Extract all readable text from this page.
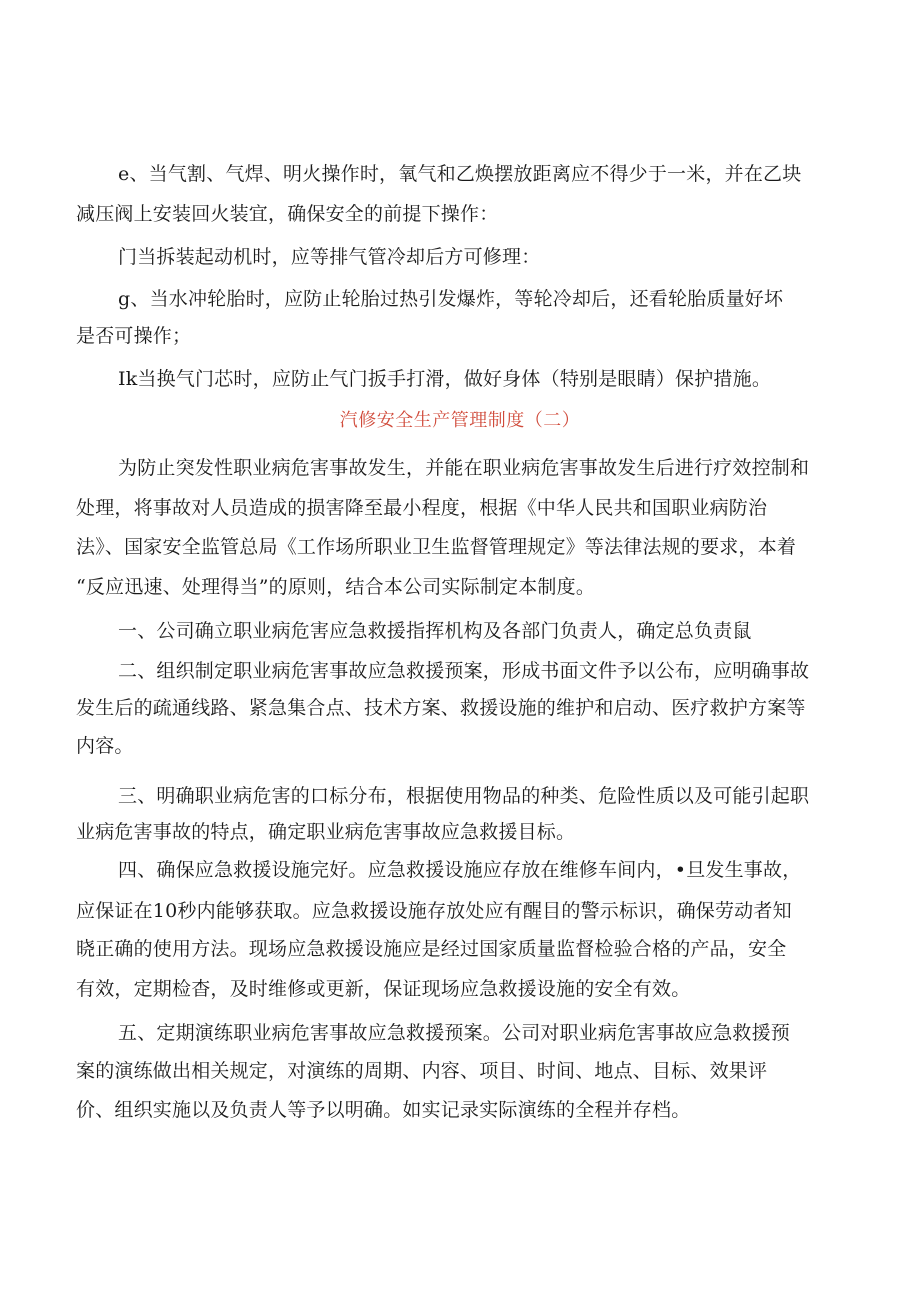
e、当气割、气焊、明火操作时，氧气和乙焕摆放距离应不得少于一米，并在乙块
减压阀上安装回火装宜，确保安全的前提下操作：
门当拆装起动机时，应等排气管冷却后方可修理：
g、当水冲轮胎时，应防止轮胎过热引发爆炸，等轮冷却后，还看轮胎质量好坏
是否可操作；
Ik当换气门芯时，应防止气门扳手打滑，做好身体（特别是眼睛）保护措施。
汽修安全生产管理制度（二）
为防止突发性职业病危害事故发生，并能在职业病危害事故发生后进行疗效控制和
处理，将事故对人员造成的损害降至最小程度，根据《中华人民共和国职业病防治
法》、国家安全监管总局《工作场所职业卫生监督管理规定》等法律法规的要求，本着
“反应迅速、处理得当”的原则，结合本公司实际制定本制度。
一、公司确立职业病危害应急救援指挥机构及各部门负责人，确定总负责鼠
二、组织制定职业病危害事故应急救援预案，形成书面文件予以公布，应明确事故
发生后的疏通线路、紧急集合点、技术方案、救援设施的维护和启动、医疗救护方案等
内容。
三、明确职业病危害的口标分布，根据使用物品的种类、危险性质以及可能引起职
业病危害事故的特点，确定职业病危害事故应急救援目标。
四、确保应急救援设施完好。应急救援设施应存放在维修车间内，•旦发生事故，
应保证在10秒内能够获取。应急救援设施存放处应有醒目的警示标识，确保劳动者知
晓正确的使用方法。现场应急救援设施应是经过国家质量监督检验合格的产品，安全
有效，定期检杳，及时维修或更新，保证现场应急救援设施的安全有效。
五、定期演练职业病危害事故应急救援预案。公司对职业病危害事故应急救援预
案的演练做出相关规定，对演练的周期、内容、项目、时间、地点、目标、效果评
价、组织实施以及负责人等予以明确。如实记录实际演练的全程并存档。
